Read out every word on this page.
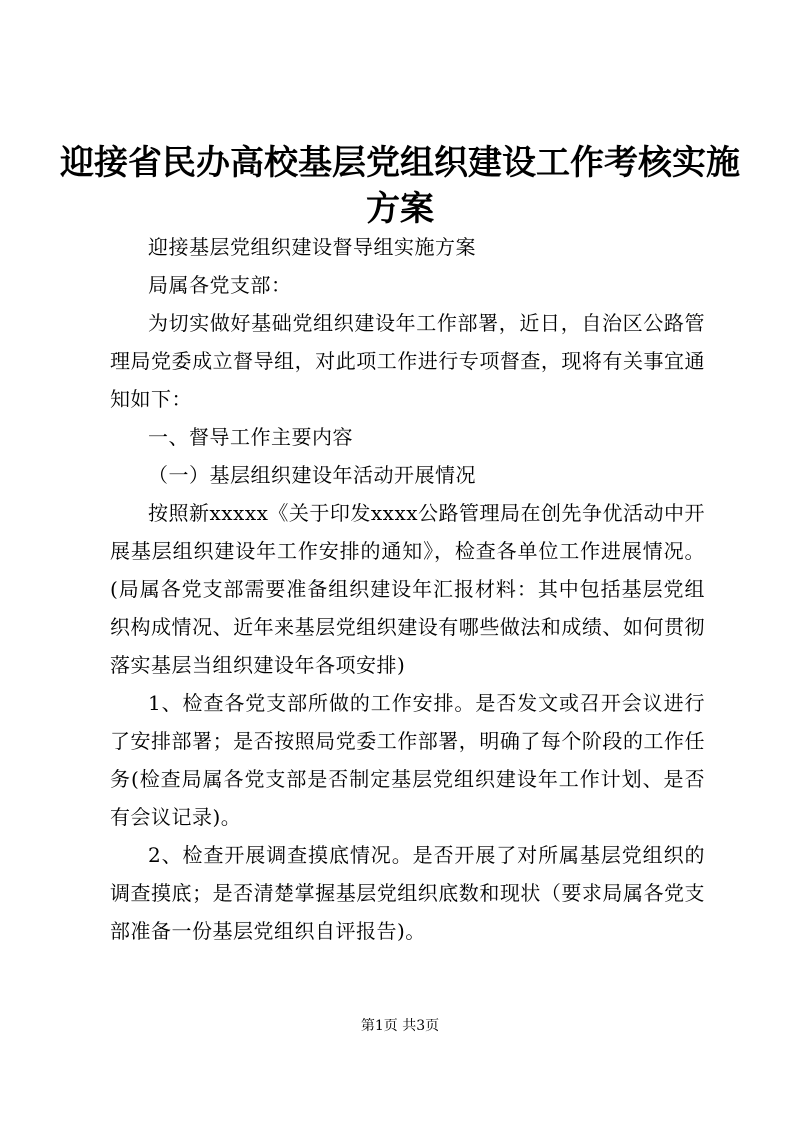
迎接省民办高校基层党组织建设工作考核实施
方案

迎接基层党组织建设督导组实施方案

局属各党支部：

为切实做好基础党组织建设年工作部署，近日，自治区公路管理局党委成立督导组，对此项工作进行专项督查，现将有关事宜通知如下：

一、督导工作主要内容

（一）基层组织建设年活动开展情况

按照新xxxxx《关于印发xxxx公路管理局在创先争优活动中开展基层组织建设年工作安排的通知》，检查各单位工作进展情况。(局属各党支部需要准备组织建设年汇报材料：其中包括基层党组织构成情况、近年来基层党组织建设有哪些做法和成绩、如何贯彻落实基层当组织建设年各项安排)

1、检查各党支部所做的工作安排。是否发文或召开会议进行了安排部署；是否按照局党委工作部署，明确了每个阶段的工作任务(检查局属各党支部是否制定基层党组织建设年工作计划、是否有会议记录)。

2、检查开展调查摸底情况。是否开展了对所属基层党组织的调查摸底；是否清楚掌握基层党组织底数和现状（要求局属各党支部准备一份基层党组织自评报告)。

第1页 共3页
